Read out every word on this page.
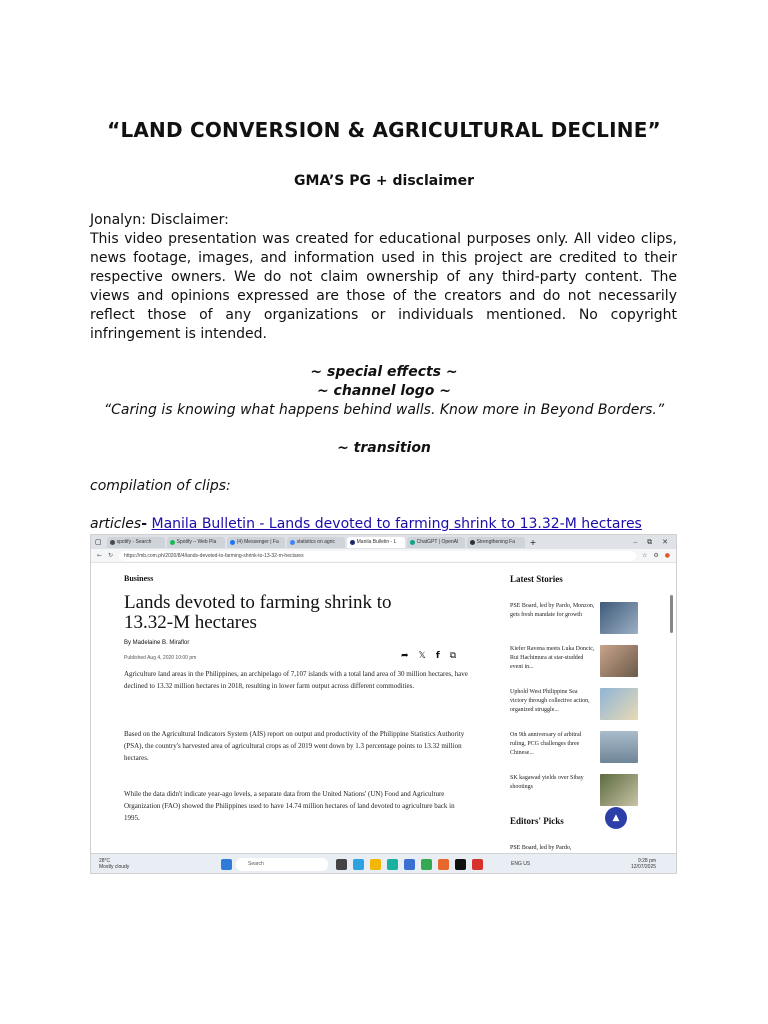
“LAND CONVERSION & AGRICULTURAL DECLINE”
GMA’S PG + disclaimer
Jonalyn: Disclaimer:
This video presentation was created for educational purposes only. All video clips, news footage, images, and information used in this project are credited to their respective owners. We do not claim ownership of any third-party content. The views and opinions expressed are those of the creators and do not necessarily reflect those of any organizations or individuals mentioned. No copyright infringement is intended.
~ special effects ~
~ channel logo ~
“Caring is knowing what happens behind walls. Know more in Beyond Borders.”
~ transition
compilation of clips:
articles- Manila Bulletin - Lands devoted to farming shrink to 13.32-M hectares
▢	spotify - Search	Spotify – Web Pla	(4) Messenger | Fa	statistics on agric	Manila Bulletin - L	ChatGPT | OpenAI	Strengthening Fa +	– ⧉ ✕
← ↻	https://mb.com.ph/2020/8/4/lands-devoted-to-farming-shrink-to-13-32-m-hectares	☆ ⚙ ●
Business
Lands devoted to farming shrink to 13.32-M hectares
By Madelaine B. Miraflor
Published Aug 4, 2020 10:00 pm	➦ 𝕏 f ⧉
Agriculture land areas in the Philippines, an archipelago of 7,107 islands with a total land area of 30 million hectares, have declined to 13.32 million hectares in 2018, resulting in lower farm output across different commodities.
Based on the Agricultural Indicators System (AIS) report on output and productivity of the Philippine Statistics Authority (PSA), the country's harvested area of agricultural crops as of 2019 went down by 1.3 percentage points to 13.32 million hectares.
While the data didn't indicate year-ago levels, a separate data from the United Nations' (UN) Food and Agriculture Organization (FAO) showed the Philippines used to have 14.74 million hectares of land devoted to agriculture back in 1995.
Latest Stories
PSE Board, led by Pardo, Monzon, gets fresh mandate for growth
Kiefer Ravena meets Luka Doncic, Rui Hachimura at star-studded event in...
Uphold West Philippine Sea victory through collective action, organized struggle...
On 9th anniversary of arbitral ruling, PCG challenges three Chinese...
SK kagawad yields over Sibay shootings
Editors' Picks
PSE Board, led by Pardo,
▲
28°C
Mostly cloudy	Search	ENG US	9:28 pm
12/07/2025
